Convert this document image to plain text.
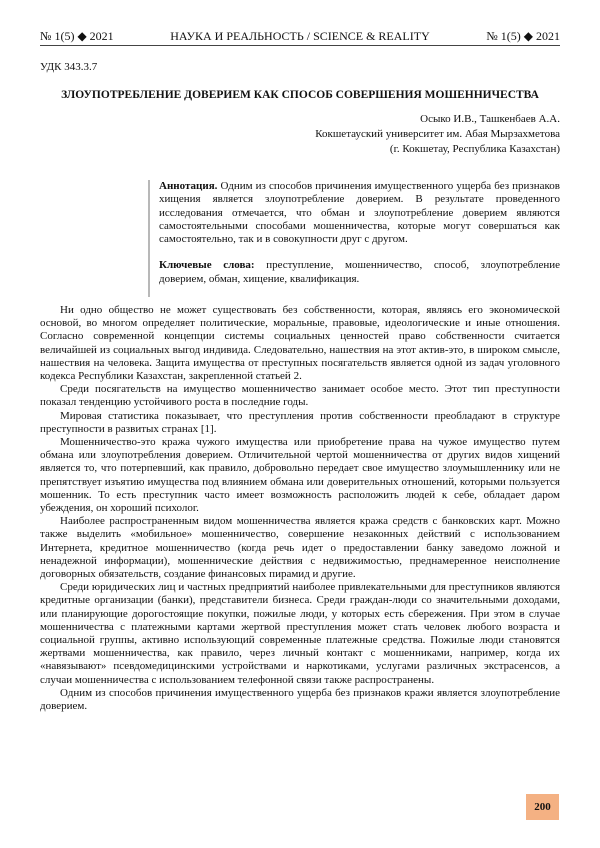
№ 1(5) ◆ 2021	НАУКА И РЕАЛЬНОСТЬ / SCIENCE & REALITY	№ 1(5) ◆ 2021
УДК 343.3.7
ЗЛОУПОТРЕБЛЕНИЕ ДОВЕРИЕМ КАК СПОСОБ СОВЕРШЕНИЯ МОШЕННИЧЕСТВА
Осыко И.В., Ташкенбаев А.А.
Кокшетауский университет им. Абая Мырзахметова
(г. Кокшетау, Республика Казахстан)

Аннотация. Одним из способов причинения имущественного ущерба без признаков хищения является злоупотребление доверием. В результате проведенного исследования отмечается, что обман и злоупотребление доверием являются самостоятельными способами мошенничества, которые могут совершаться как самостоятельно, так и в совокупности друг с другом.

Ключевые слова: преступление, мошенничество, способ, злоупотребление доверием, обман, хищение, квалификация.

Ни одно общество не может существовать без собственности, которая, являясь его экономической основой, во многом определяет политические, моральные, правовые, идеологические и иные отношения. Согласно современной концепции системы социальных ценностей право собственности считается величайшей из социальных выгод индивида. Следовательно, нашествия на этот актив-это, в широком смысле, нашествия на человека. Защита имущества от преступных посягательств является одной из задач уголовного кодекса Республики Казахстан, закрепленной статьей 2.

Среди посягательств на имущество мошенничество занимает особое место. Этот тип преступности показал тенденцию устойчивого роста в последние годы.

Мировая статистика показывает, что преступления против собственности преобладают в структуре преступности в развитых странах [1].

Мошенничество-это кража чужого имущества или приобретение права на чужое имущество путем обмана или злоупотребления доверием. Отличительной чертой мошенничества от других видов хищений является то, что потерпевший, как правило, добровольно передает свое имущество злоумышленнику или не препятствует изъятию имущества под влиянием обмана или доверительных отношений, которыми пользуется мошенник. То есть преступник часто имеет возможность расположить людей к себе, обладает даром убеждения, он хороший психолог.

Наиболее распространенным видом мошенничества является кража средств с банковских карт. Можно также выделить «мобильное» мошенничество, совершение незаконных действий с использованием Интернета, кредитное мошенничество (когда речь идет о предоставлении банку заведомо ложной и ненадежной информации), мошеннические действия с недвижимостью, преднамеренное неисполнение договорных обязательств, создание финансовых пирамид и другие.

Среди юридических лиц и частных предприятий наиболее привлекательными для преступников являются кредитные организации (банки), представители бизнеса. Среди граждан-люди со значительными доходами, или планирующие дорогостоящие покупки, пожилые люди, у которых есть сбережения. При этом в случае мошенничества с платежными картами жертвой преступления может стать человек любого возраста и социальной группы, активно использующий современные платежные средства. Пожилые люди становятся жертвами мошенничества, как правило, через личный контакт с мошенниками, например, когда их «навязывают» псевдомедицинскими устройствами и наркотиками, услугами различных экстрасенсов, а случаи мошенничества с использованием телефонной связи также распространены.

Одним из способов причинения имущественного ущерба без признаков кражи является злоупотребление доверием.

200
